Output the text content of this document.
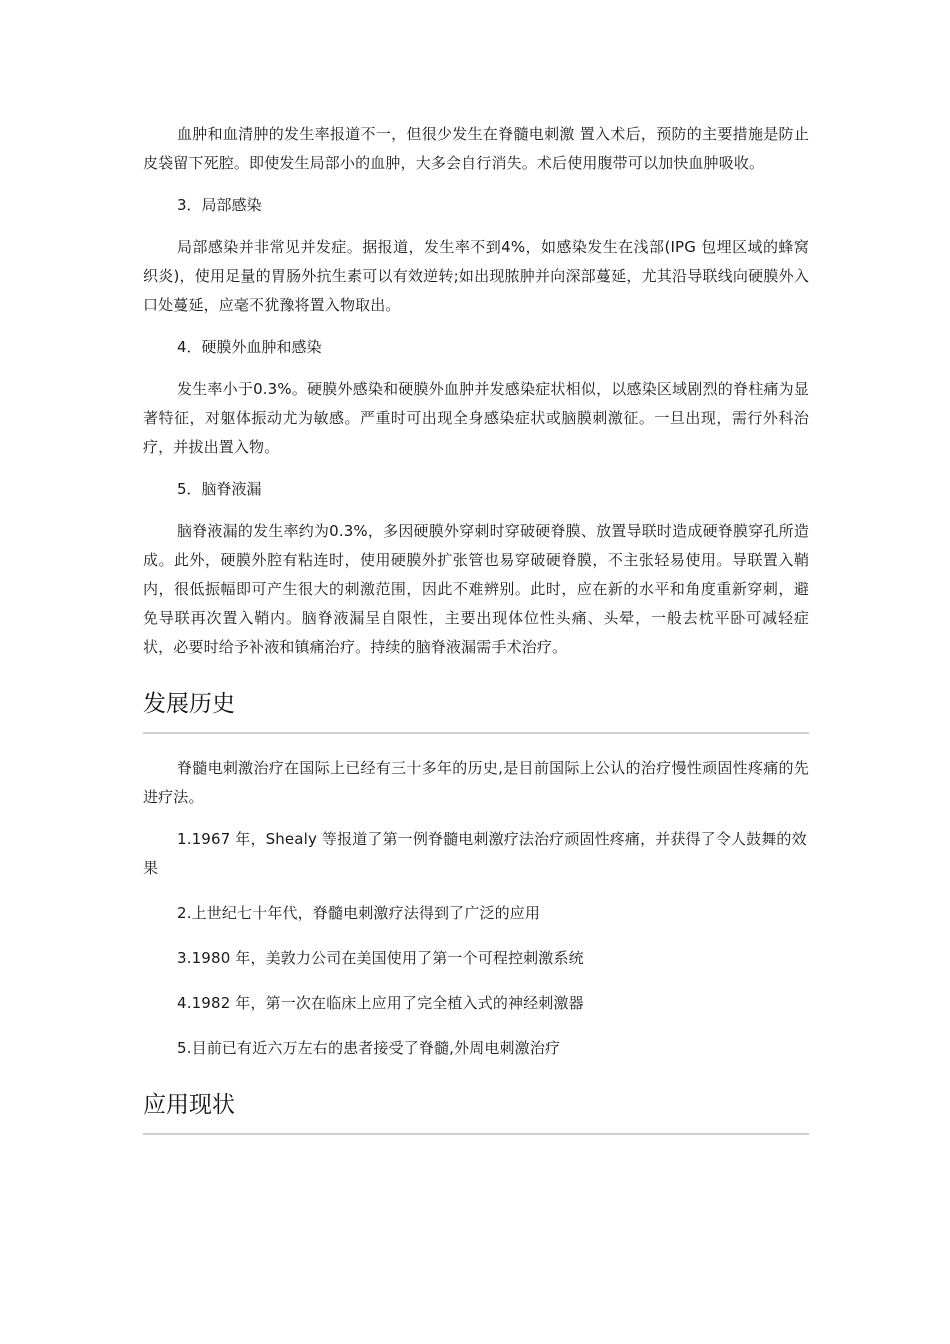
血肿和血清肿的发生率报道不一，但很少发生在脊髓电刺激 置入术后，预防的主要措施是防止皮袋留下死腔。即使发生局部小的血肿，大多会自行消失。术后使用腹带可以加快血肿吸收。

3．局部感染

局部感染并非常见并发症。据报道，发生率不到4%，如感染发生在浅部(IPG 包埋区域的蜂窝织炎)，使用足量的胃肠外抗生素可以有效逆转;如出现脓肿并向深部蔓延，尤其沿导联线向硬膜外入口处蔓延，应毫不犹豫将置入物取出。

4．硬膜外血肿和感染

发生率小于0.3%。硬膜外感染和硬膜外血肿并发感染症状相似，以感染区域剧烈的脊柱痛为显著特征，对躯体振动尤为敏感。严重时可出现全身感染症状或脑膜刺激征。一旦出现，需行外科治疗，并拔出置入物。

5．脑脊液漏

脑脊液漏的发生率约为0.3%，多因硬膜外穿刺时穿破硬脊膜、放置导联时造成硬脊膜穿孔所造成。此外，硬膜外腔有粘连时，使用硬膜外扩张管也易穿破硬脊膜，不主张轻易使用。导联置入鞘内，很低振幅即可产生很大的刺激范围，因此不难辨别。此时，应在新的水平和角度重新穿刺，避免导联再次置入鞘内。脑脊液漏呈自限性，主要出现体位性头痛、头晕，一般去枕平卧可减轻症状，必要时给予补液和镇痛治疗。持续的脑脊液漏需手术治疗。

发展历史

脊髓电刺激治疗在国际上已经有三十多年的历史,是目前国际上公认的治疗慢性顽固性疼痛的先进疗法。

1.1967 年，Shealy 等报道了第一例脊髓电刺激疗法治疗顽固性疼痛，并获得了令人鼓舞的效果

2.上世纪七十年代，脊髓电刺激疗法得到了广泛的应用

3.1980 年，美敦力公司在美国使用了第一个可程控刺激系统

4.1982 年，第一次在临床上应用了完全植入式的神经刺激器

5.目前已有近六万左右的患者接受了脊髓,外周电刺激治疗

应用现状
